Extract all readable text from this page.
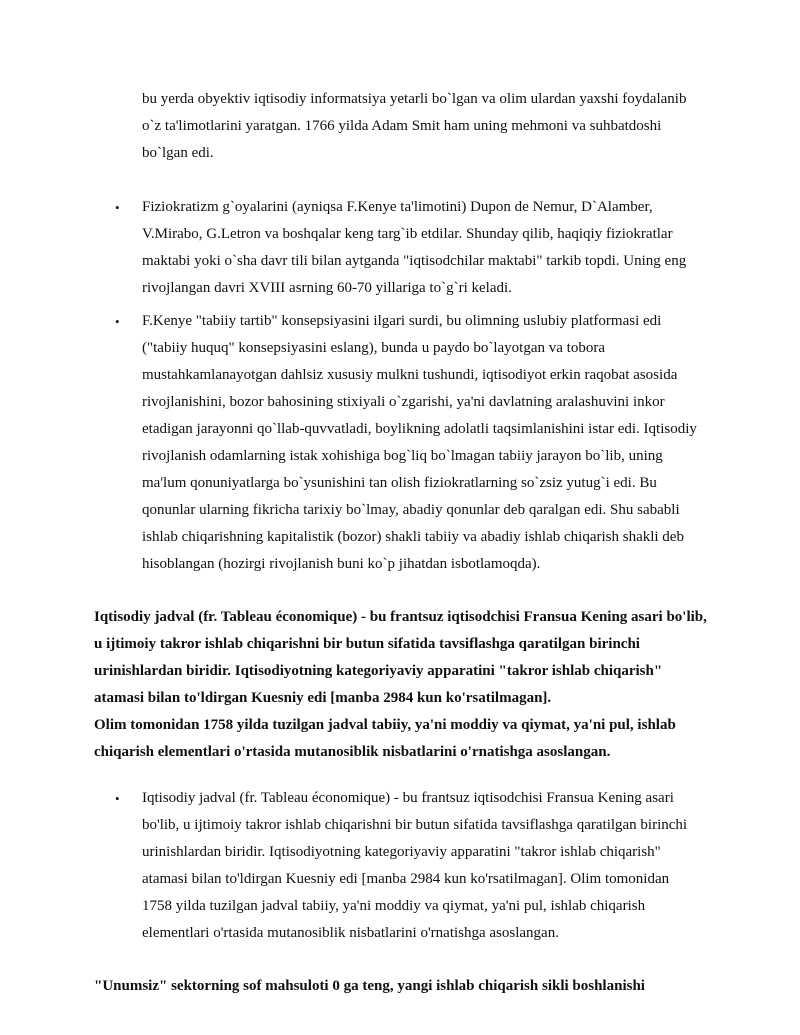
bu yerda obyektiv iqtisodiy informatsiya yetarli bo`lgan va olim ulardan yaxshi foydalanib o`z ta'limotlarini yaratgan. 1766 yilda Adam Smit ham uning mehmoni va suhbatdoshi bo`lgan edi.

• Fiziokratizm g`oyalarini (ayniqsa F.Kenye ta'limotini) Dupon de Nemur, D`Alamber, V.Mirabo, G.Letron va boshqalar keng targ`ib etdilar. Shunday qilib, haqiqiy fiziokratlar maktabi yoki o`sha davr tili bilan aytganda "iqtisodchilar maktabi" tarkib topdi. Uning eng rivojlangan davri XVIII asrning 60-70 yillariga to`g`ri keladi.
• F.Kenye "tabiiy tartib" konsepsiyasini ilgari surdi, bu olimning uslubiy platformasi edi ("tabiiy huquq" konsepsiyasini eslang), bunda u paydo bo`layotgan va tobora mustahkamlanayotgan dahlsiz xususiy mulkni tushundi, iqtisodiyot erkin raqobat asosida rivojlanishini, bozor bahosining stixiyali o`zgarishi, ya'ni davlatning aralashuvini inkor etadigan jarayonni qo`llab-quvvatladi, boylikning adolatli taqsimlanishini istar edi. Iqtisodiy rivojlanish odamlarning istak xohishiga bog`liq bo`lmagan tabiiy jarayon bo`lib, uning ma'lum qonuniyatlarga bo`ysunishini tan olish fiziokratlarning so`zsiz yutug`i edi. Bu qonunlar ularning fikricha tarixiy bo`lmay, abadiy qonunlar deb qaralgan edi. Shu sababli ishlab chiqarishning kapitalistik (bozor) shakli tabiiy va abadiy ishlab chiqarish shakli deb hisoblangan (hozirgi rivojlanish buni ko`p jihatdan isbotlamoqda).
Iqtisodiy jadval (fr. Tableau économique) - bu frantsuz iqtisodchisi Fransua Kening asari bo'lib, u ijtimoiy takror ishlab chiqarishni bir butun sifatida tavsiflashga qaratilgan birinchi urinishlardan biridir. Iqtisodiyotning kategoriyaviy apparatini "takror ishlab chiqarish" atamasi bilan to'ldirgan Kuesniy edi [manba 2984 kun ko'rsatilmagan].
Olim tomonidan 1758 yilda tuzilgan jadval tabiiy, ya'ni moddiy va qiymat, ya'ni pul, ishlab chiqarish elementlari o'rtasida mutanosiblik nisbatlarini o'rnatishga asoslangan.
• Iqtisodiy jadval (fr. Tableau économique) - bu frantsuz iqtisodchisi Fransua Kening asari bo'lib, u ijtimoiy takror ishlab chiqarishni bir butun sifatida tavsiflashga qaratilgan birinchi urinishlardan biridir. Iqtisodiyotning kategoriyaviy apparatini "takror ishlab chiqarish" atamasi bilan to'ldirgan Kuesniy edi [manba 2984 kun ko'rsatilmagan]. Olim tomonidan 1758 yilda tuzilgan jadval tabiiy, ya'ni moddiy va qiymat, ya'ni pul, ishlab chiqarish elementlari o'rtasida mutanosiblik nisbatlarini o'rnatishga asoslangan.

"Unumsiz" sektorning sof mahsuloti 0 ga teng, yangi ishlab chiqarish sikli boshlanishi
